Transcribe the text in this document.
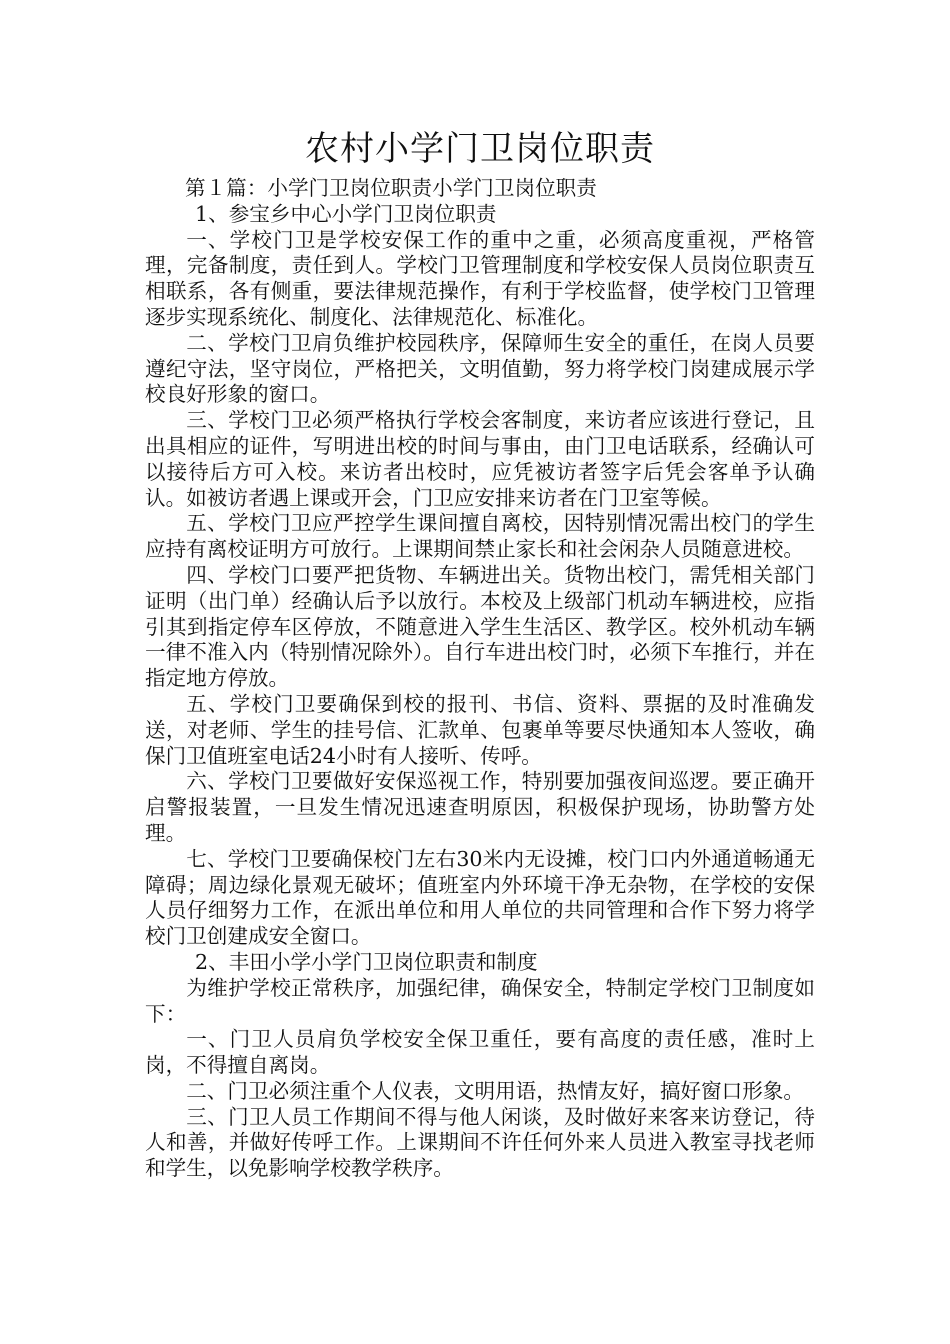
农村小学门卫岗位职责

第１篇：小学门卫岗位职责小学门卫岗位职责

1、参宝乡中心小学门卫岗位职责

一、学校门卫是学校安保工作的重中之重，必须高度重视，严格管理，完备制度，责任到人。学校门卫管理制度和学校安保人员岗位职责互相联系，各有侧重，要法律规范操作，有利于学校监督，使学校门卫管理逐步实现系统化、制度化、法律规范化、标准化。

二、学校门卫肩负维护校园秩序，保障师生安全的重任，在岗人员要遵纪守法，坚守岗位，严格把关，文明值勤，努力将学校门岗建成展示学校良好形象的窗口。

三、学校门卫必须严格执行学校会客制度，来访者应该进行登记，且出具相应的证件，写明进出校的时间与事由，由门卫电话联系，经确认可以接待后方可入校。来访者出校时，应凭被访者签字后凭会客单予认确认。如被访者遇上课或开会，门卫应安排来访者在门卫室等候。

五、学校门卫应严控学生课间擅自离校，因特别情况需出校门的学生应持有离校证明方可放行。上课期间禁止家长和社会闲杂人员随意进校。

四、学校门口要严把货物、车辆进出关。货物出校门，需凭相关部门证明（出门单）经确认后予以放行。本校及上级部门机动车辆进校，应指引其到指定停车区停放，不随意进入学生生活区、教学区。校外机动车辆一律不准入内（特别情况除外）。自行车进出校门时，必须下车推行，并在指定地方停放。

五、学校门卫要确保到校的报刊、书信、资料、票据的及时准确发送，对老师、学生的挂号信、汇款单、包裹单等要尽快通知本人签收，确保门卫值班室电话24小时有人接听、传呼。

六、学校门卫要做好安保巡视工作，特别要加强夜间巡逻。要正确开启警报装置，一旦发生情况迅速查明原因，积极保护现场，协助警方处理。

七、学校门卫要确保校门左右30米内无设摊，校门口内外通道畅通无障碍；周边绿化景观无破坏；值班室内外环境干净无杂物，在学校的安保人员仔细努力工作，在派出单位和用人单位的共同管理和合作下努力将学校门卫创建成安全窗口。

2、丰田小学小学门卫岗位职责和制度

为维护学校正常秩序，加强纪律，确保安全，特制定学校门卫制度如下：

一、门卫人员肩负学校安全保卫重任，要有高度的责任感，准时上岗，不得擅自离岗。

二、门卫必须注重个人仪表，文明用语，热情友好，搞好窗口形象。

三、门卫人员工作期间不得与他人闲谈，及时做好来客来访登记，待人和善，并做好传呼工作。上课期间不许任何外来人员进入教室寻找老师和学生，以免影响学校教学秩序。
